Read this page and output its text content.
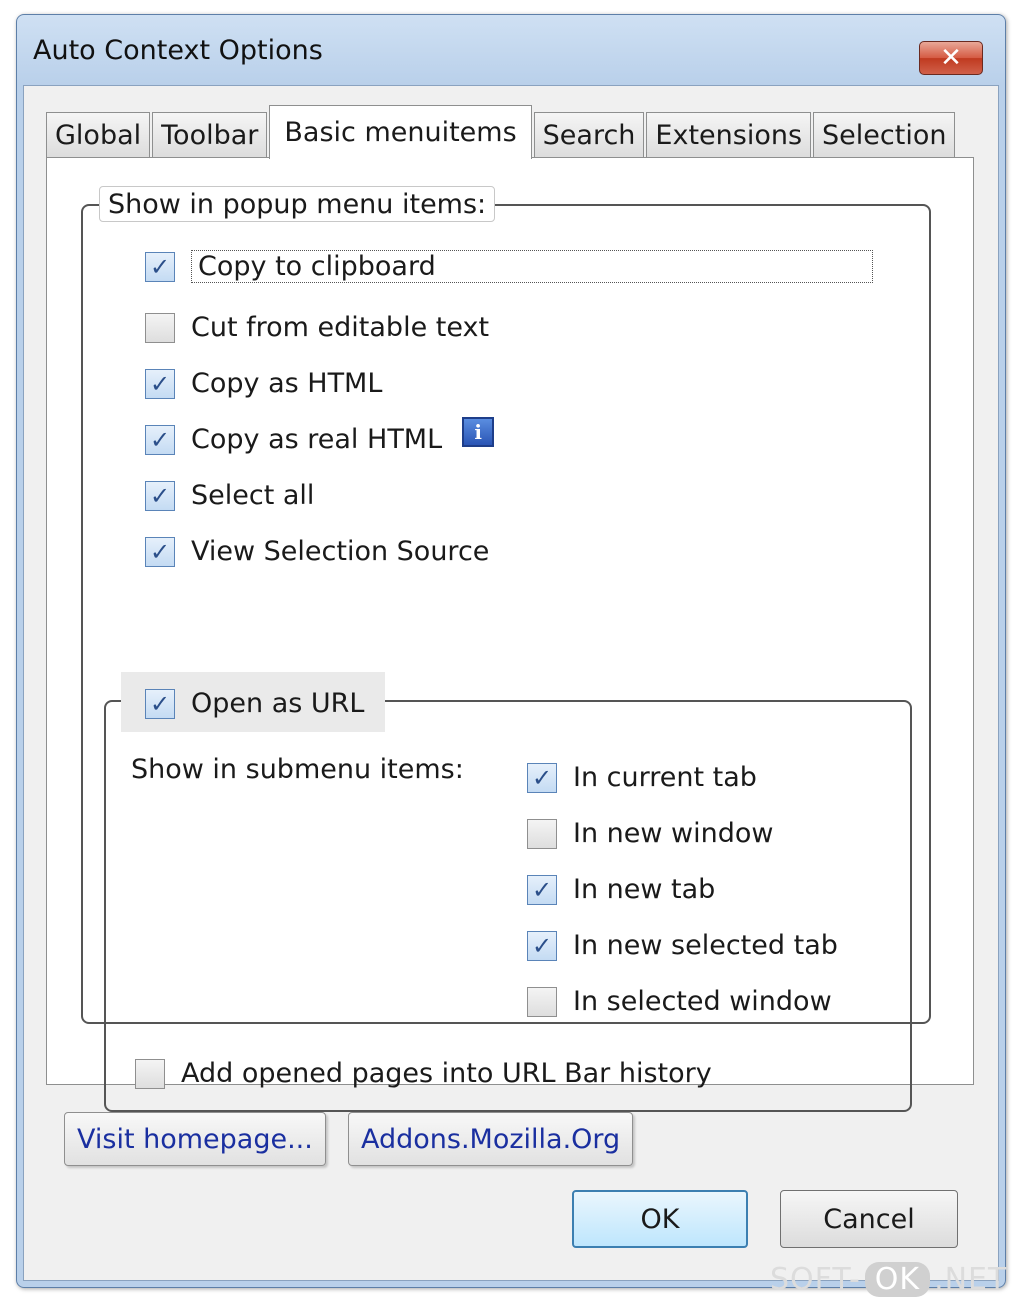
Auto Context Options	✕
Global Toolbar Basic menuitems Search Extensions Selection
Show in popup menu items:
✓ Copy to clipboard
Cut from editable text
✓ Copy as HTML
✓ Copy as real HTML	i
✓ Select all
✓ View Selection Source
✓ Open as URL
Show in submenu items:	✓ In current tab
In new window
✓ In new tab
✓ In new selected tab
In selected window
Add opened pages into URL Bar history
Visit homepage...	Addons.Mozilla.Org
OK	Cancel
SOFT- OK .NET
